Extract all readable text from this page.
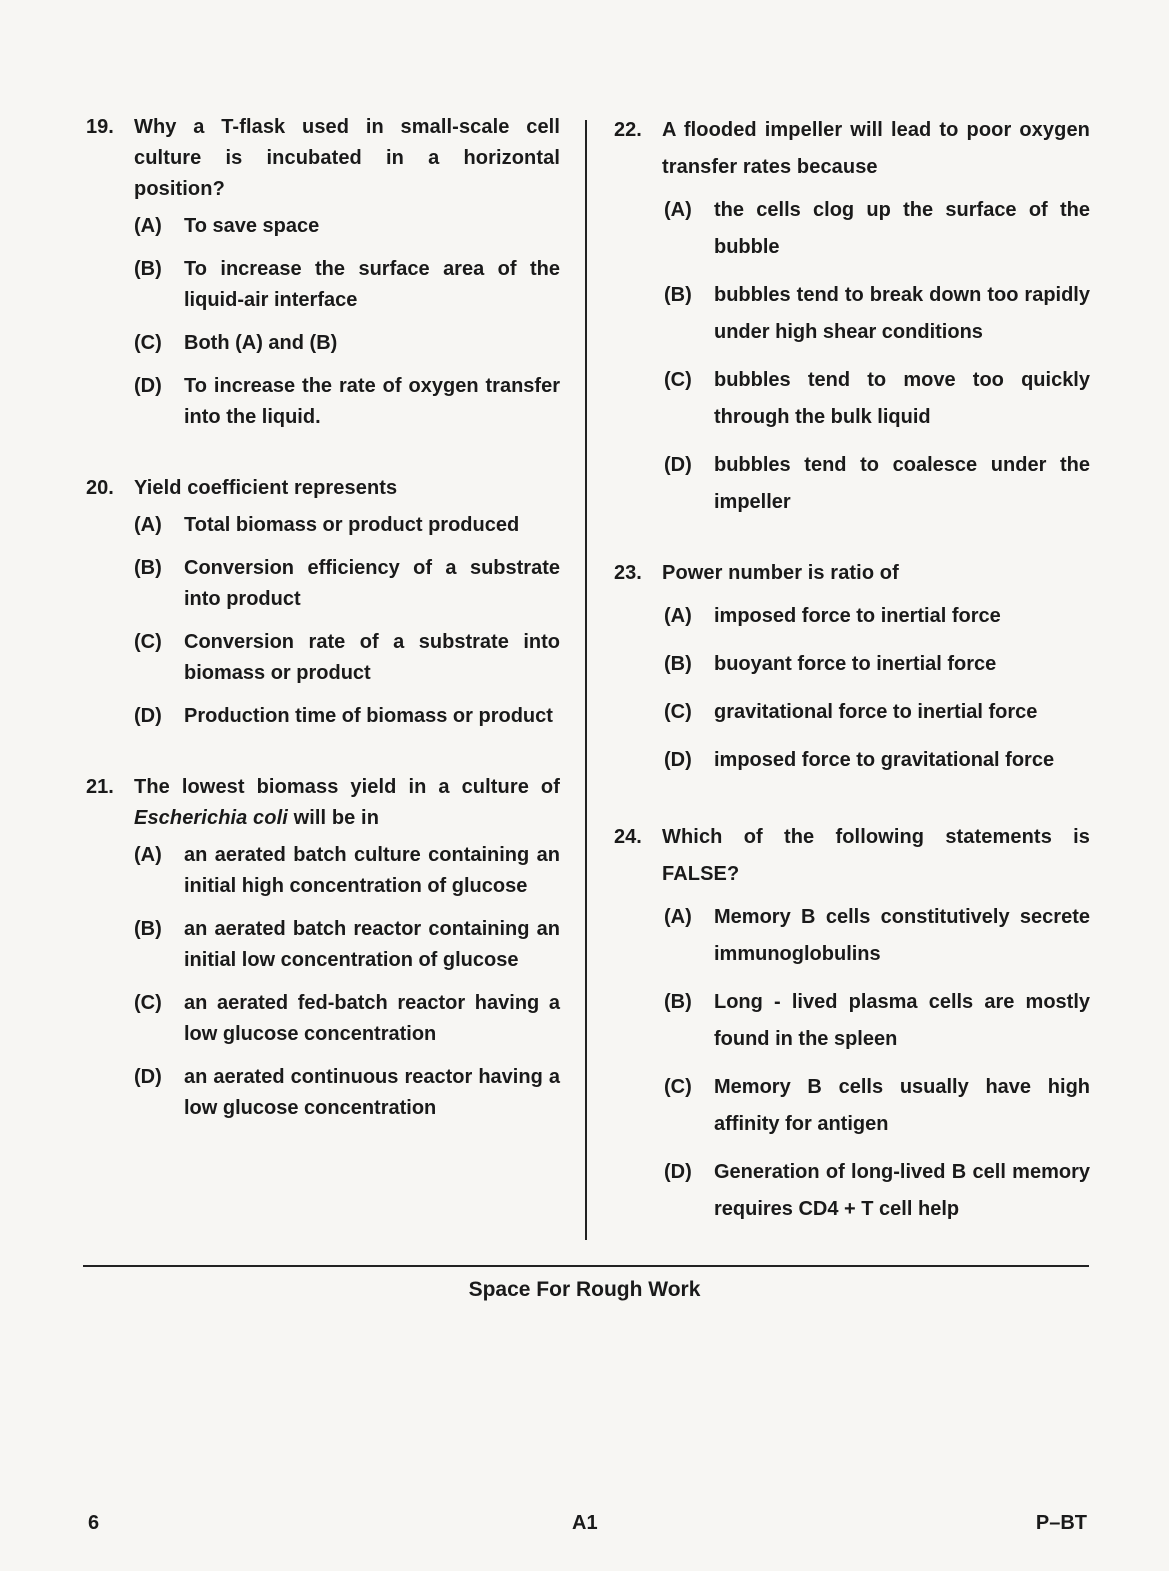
19.	Why a T-flask used in small-scale cell culture is incubated in a horizontal position?
(A)	To save space
(B)	To increase the surface area of the liquid-air interface
(C)	Both (A) and (B)
(D)	To increase the rate of oxygen transfer into the liquid.
20.	Yield coefficient represents
(A)	Total biomass or product produced
(B)	Conversion efficiency of a substrate into product
(C)	Conversion rate of a substrate into biomass or product
(D)	Production time of biomass or product
21.	The lowest biomass yield in a culture of Escherichia coli will be in
(A)	an aerated batch culture containing an initial high concentration of glucose
(B)	an aerated batch reactor containing an initial low concentration of glucose
(C)	an aerated fed-batch reactor having a low glucose concentration
(D)	an aerated continuous reactor having a low glucose concentration
22.	A flooded impeller will lead to poor oxygen transfer rates because
(A)	the cells clog up the surface of the bubble
(B)	bubbles tend to break down too rapidly under high shear conditions
(C)	bubbles tend to move too quickly through the bulk liquid
(D)	bubbles tend to coalesce under the impeller
23.	Power number is ratio of
(A)	imposed force to inertial force
(B)	buoyant force to inertial force
(C)	gravitational force to inertial force
(D)	imposed force to gravitational force
24.	Which of the following statements is FALSE?
(A)	Memory B cells constitutively secrete immunoglobulins
(B)	Long - lived plasma cells are mostly found in the spleen
(C)	Memory B cells usually have high affinity for antigen
(D)	Generation of long-lived B cell memory requires CD4 + T cell help
Space For Rough Work
6	A1	P–BT
